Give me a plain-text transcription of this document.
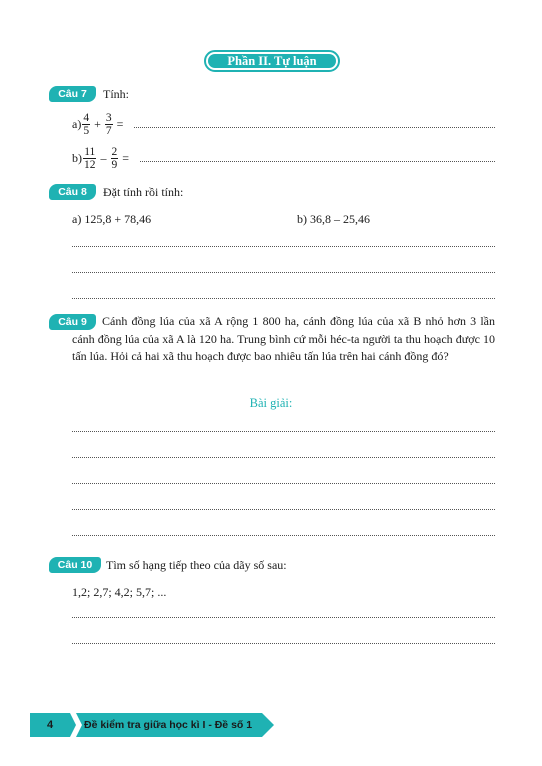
Phần II. Tự luận
Câu 7	Tính:
$a) \frac{4}{5} + \frac{3}{7}$ =
$b) \frac{11}{12} - \frac{2}{9}$ =
Câu 8	Đặt tính rồi tính:
a) 125,8 + 78,46	b) 36,8 – 25,46
Câu 9	Cánh đồng lúa của xã A rộng 1 800 ha, cánh đồng lúa của xã B nhỏ hơn 3 lần cánh đồng lúa của xã A là 120 ha. Trung bình cứ mỗi héc-ta người ta thu hoạch được 10 tấn lúa. Hỏi cả hai xã thu hoạch được bao nhiêu tấn lúa trên hai cánh đồng đó?
Bài giải:
Câu 10	Tìm số hạng tiếp theo của dãy số sau:
1,2; 2,7; 4,2; 5,7; ...
4	Đề kiểm tra giữa học kì I - Đề số 1
